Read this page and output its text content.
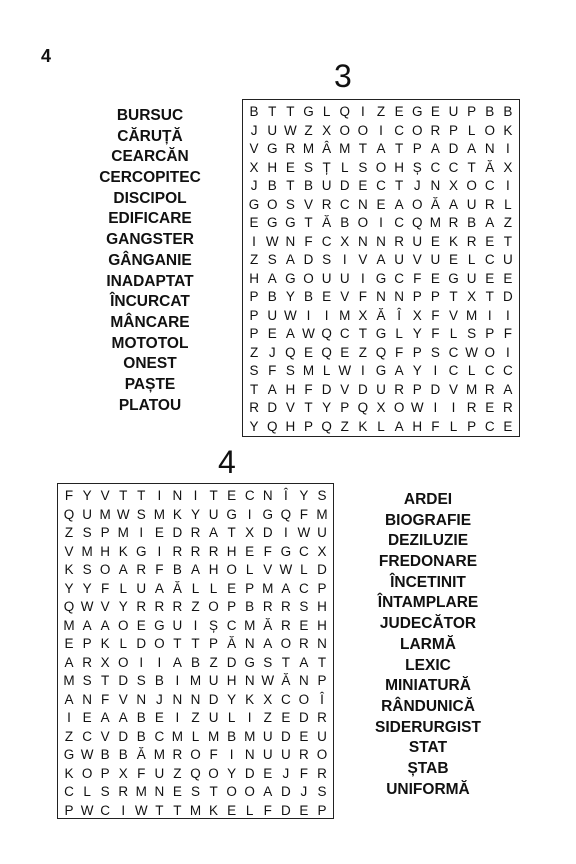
4
3
BURSUC
CĂRUȚĂ
CEARCĂN
CERCOPITEC
DISCIPOL
EDIFICARE
GANGSTER
GÂNGANIE
INADAPTAT
ÎNCURCAT
MÂNCARE
MOTOTOL
ONEST
PAȘTE
PLATOU
B T T G L Q I Z E G E U P B B
J U W Z X O O I C O R P L O K
V G R M Â M T A T P A D A N I
X H E S Ț L S O H Ș C C T Ă X
J B T B U D E C T J N X O C I
G O S V R C N E A O Ă A U R L
E G G T Ă B O I C Q M R B A Z
I W N F C X N N R U E K R E T
Z S A D S I V A U V U E L C U
H A G O U U I G C F E G U E E
P B Y B E V F N N P P T X T D
P U W I	I M X Ă Î X F V M I	I
P E A W Q C T G L Y F L S P F
Z J Q E Q E Z Q F P S C W O I
S F S M L W I G A Y I C L C C
T A H F D V D U R P D V M R A
R D V T Y P Q X O W I	I R E R
Y Q H P Q Z K L A H F L P C E
4
F Y V T T I N I T E C N Î Y S
Q U M W S M K Y U G I G Q F M
Z S P M I E D R A T X D I W U
V M H K G I R R R H E F G C X
K S O A R F B A H O L V W L D
Y Y F L U A Ă L L E P M A C P
Q W V Y R R R Z O P B R R S H
M A A O E G U I Ș C M Ă R E H
E P K L D O T T P Ă N A O R N
A R X O I	I A B Z D G S T A T
M S T D S B I M U H N W Ă N P
A N F V N J N N D Y K X C O Î
I E A A B E I Z U L I Z E D R
Z C V D B C M L M B M U D E U
G W B B Ă M R O F I N U U R O
K O P X F U Z Q O Y D E J F R
C L S R M N E S T O O A D J S
P W C I W T T M K E L F D E P
ARDEI
BIOGRAFIE
DEZILUZIE
FREDONARE
ÎNCETINIT
ÎNTAMPLARE
JUDECĂTOR
LARMĂ
LEXIC
MINIATURĂ
RÂNDUNICĂ
SIDERURGIST
STAT
ȘTAB
UNIFORMĂ
